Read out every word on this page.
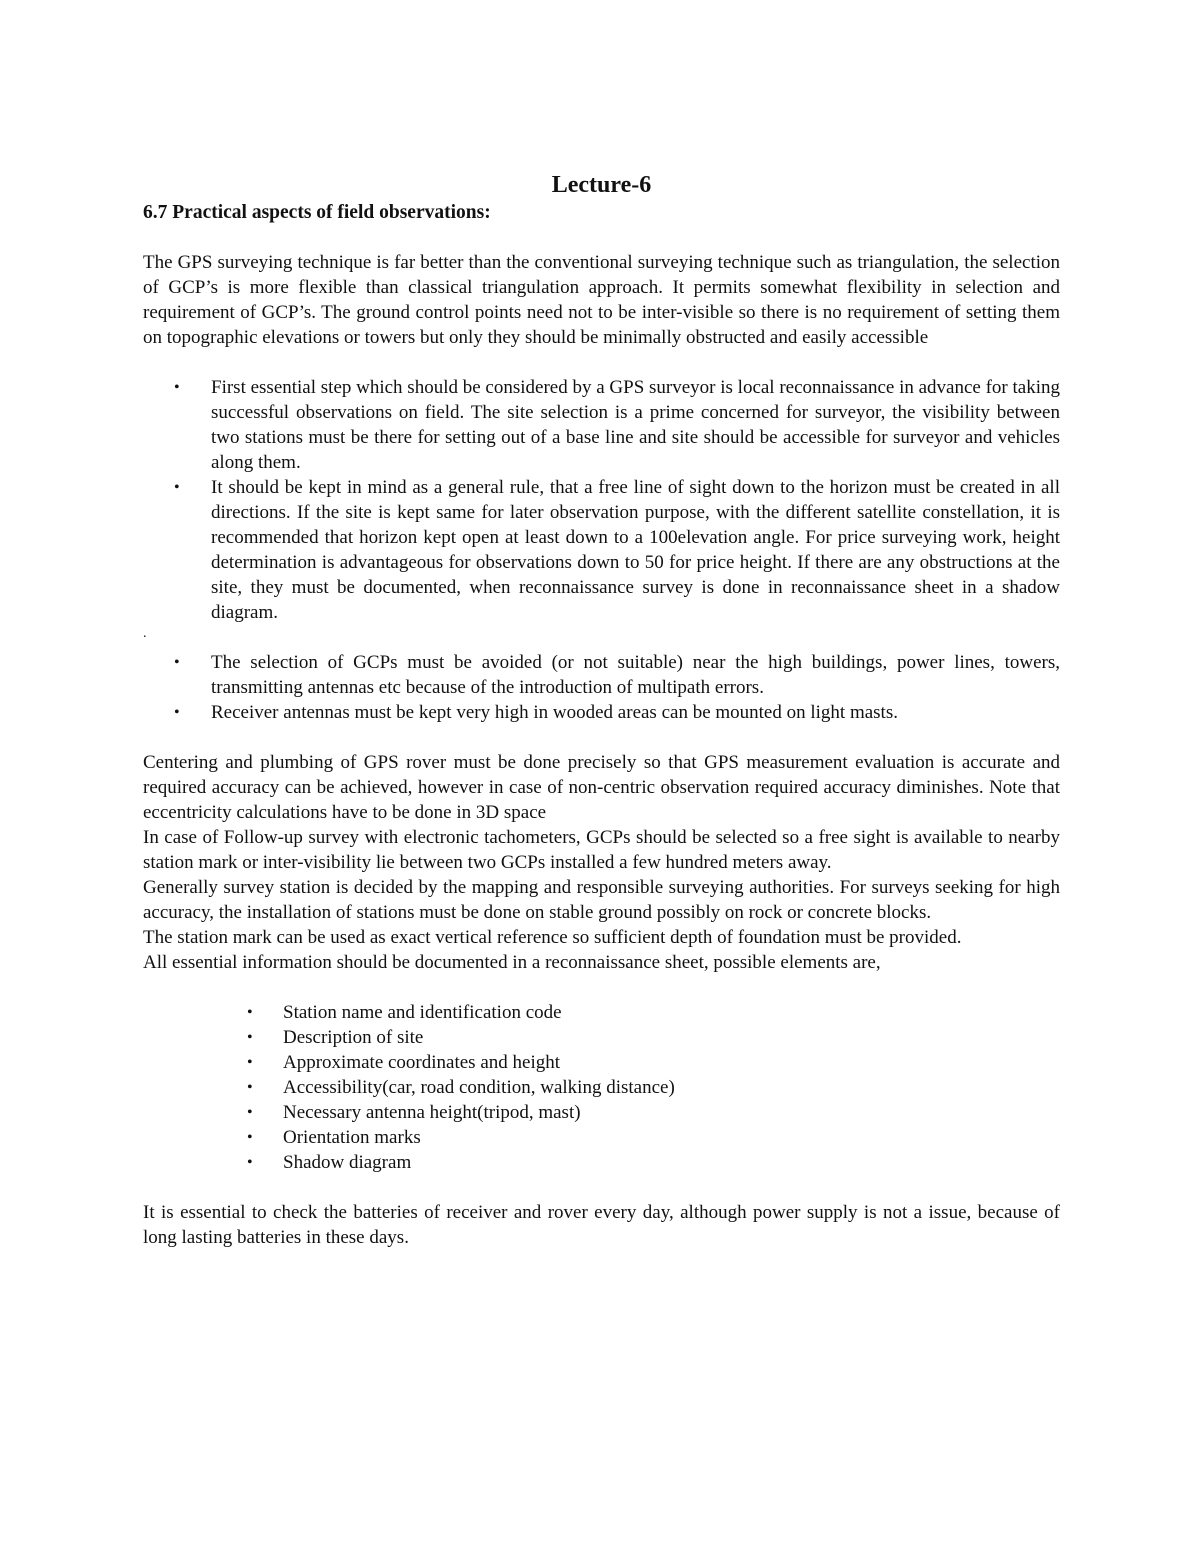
Lecture-6
6.7 Practical aspects of field observations:

The GPS surveying technique is far better than the conventional surveying technique such as triangulation, the selection of GCP’s is more flexible than classical triangulation approach. It permits somewhat flexibility in selection and requirement of GCP’s. The ground control points need not to be inter-visible so there is no requirement of setting them on topographic elevations or towers but only they should be minimally obstructed and easily accessible

• First essential step which should be considered by a GPS surveyor is local reconnaissance in advance for taking successful observations on field. The site selection is a prime concerned for surveyor, the visibility between two stations must be there for setting out of a base line and site should be accessible for surveyor and vehicles along them.
• It should be kept in mind as a general rule, that a free line of sight down to the horizon must be created in all directions. If the site is kept same for later observation purpose, with the different satellite constellation, it is recommended that horizon kept open at least down to a 100elevation angle. For price surveying work, height determination is advantageous for observations down to 50 for price height. If there are any obstructions at the site, they must be documented, when reconnaissance survey is done in reconnaissance sheet in a shadow diagram.
.
• The selection of GCPs must be avoided (or not suitable) near the high buildings, power lines, towers, transmitting antennas etc because of the introduction of multipath errors.
• Receiver antennas must be kept very high in wooded areas can be mounted on light masts.

Centering and plumbing of GPS rover must be done precisely so that GPS measurement evaluation is accurate and required accuracy can be achieved, however in case of non-centric observation required accuracy diminishes. Note that eccentricity calculations have to be done in 3D space

In case of Follow-up survey with electronic tachometers, GCPs should be selected so a free sight is available to nearby station mark or inter-visibility lie between two GCPs installed a few hundred meters away.

Generally survey station is decided by the mapping and responsible surveying authorities. For surveys seeking for high accuracy, the installation of stations must be done on stable ground possibly on rock or concrete blocks.

The station mark can be used as exact vertical reference so sufficient depth of foundation must be provided.

All essential information should be documented in a reconnaissance sheet, possible elements are,

• Station name and identification code
• Description of site
• Approximate coordinates and height
• Accessibility(car, road condition, walking distance)
• Necessary antenna height(tripod, mast)
• Orientation marks
• Shadow diagram

It is essential to check the batteries of receiver and rover every day, although power supply is not a issue, because of long lasting batteries in these days.
